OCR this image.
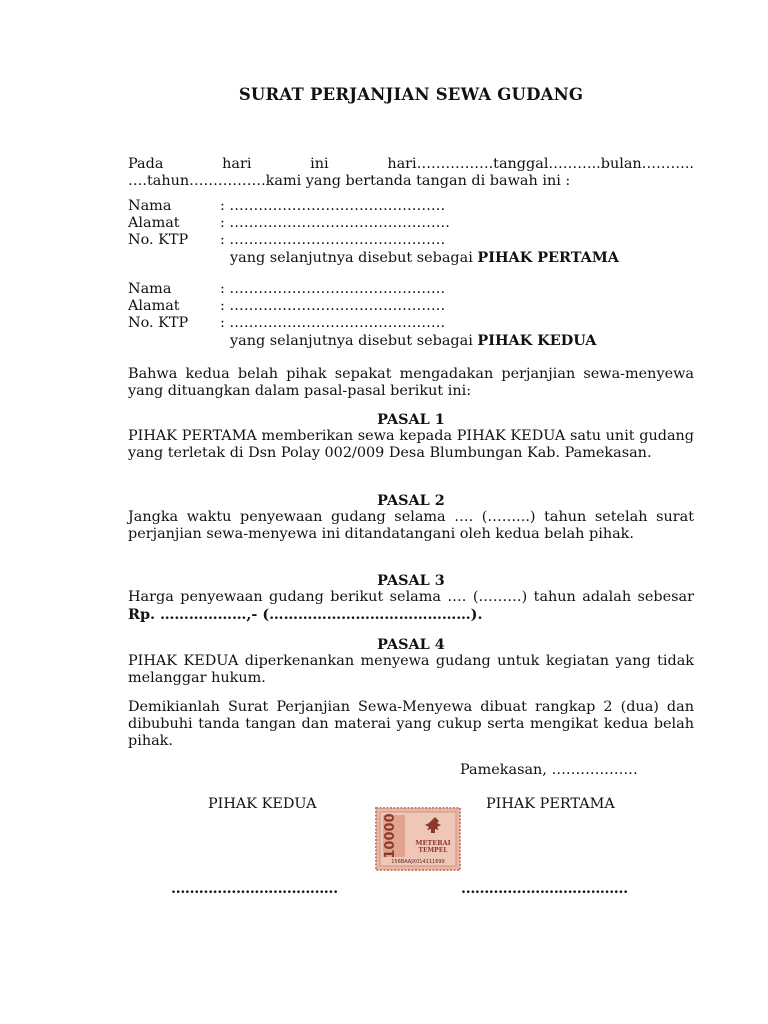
SURAT PERJANJIAN SEWA GUDANG
Pada hari ini hari…………….tanggal………..bulan………..
….tahun…………….kami yang bertanda tangan di bawah ini :
Nama	: ………………………………………
Alamat	: ……………………………………….
No. KTP	: ………………………………………
yang selanjutnya disebut sebagai PIHAK PERTAMA
Nama	: ………………………………………
Alamat	: ………………………………………
No. KTP	: ………………………………………
yang selanjutnya disebut sebagai PIHAK KEDUA
Bahwa kedua belah pihak sepakat mengadakan perjanjian sewa-menyewa yang dituangkan dalam pasal-pasal berikut ini:
PASAL 1
PIHAK PERTAMA memberikan sewa kepada PIHAK KEDUA satu unit gudang yang terletak di Dsn Polay 002/009 Desa Blumbungan Kab. Pamekasan.
PASAL 2
Jangka waktu penyewaan gudang selama …. (……...) tahun setelah surat perjanjian sewa-menyewa ini ditandatangani oleh kedua belah pihak.
PASAL 3
Harga penyewaan gudang berikut selama …. (………) tahun adalah sebesar Rp. ………………,- (……………………………………).
PASAL 4
PIHAK KEDUA diperkenankan menyewa gudang untuk kegiatan yang tidak melanggar hukum.
Demikianlah Surat Perjanjian Sewa-Menyewa dibuat rangkap 2 (dua) dan dibubuhi tanda tangan dan materai yang cukup serta mengikat kedua belah pihak.
Pamekasan, ………………
PIHAK KEDUA	PIHAK PERTAMA
10000	METERAI
TEMPEL
156BAAJX014111699
………………………………	………………………………
